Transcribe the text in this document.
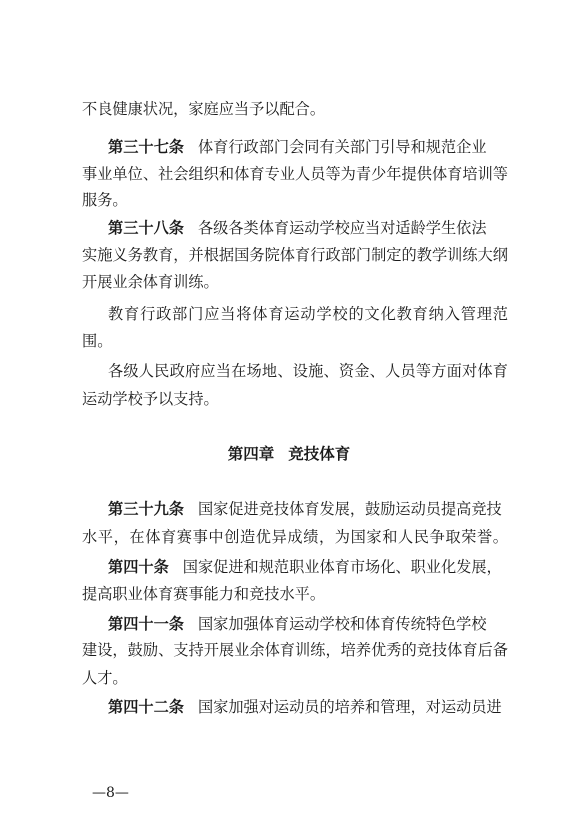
不良健康状况，家庭应当予以配合。
第三十七条 体育行政部门会同有关部门引导和规范企业
事业单位、社会组织和体育专业人员等为青少年提供体育培训等
服务。
第三十八条 各级各类体育运动学校应当对适龄学生依法
实施义务教育，并根据国务院体育行政部门制定的教学训练大纲
开展业余体育训练。
教育行政部门应当将体育运动学校的文化教育纳入管理范
围。
各级人民政府应当在场地、设施、资金、人员等方面对体育
运动学校予以支持。
第四章 竞技体育
第三十九条 国家促进竞技体育发展，鼓励运动员提高竞技
水平，在体育赛事中创造优异成绩，为国家和人民争取荣誉。
第四十条 国家促进和规范职业体育市场化、职业化发展，
提高职业体育赛事能力和竞技水平。
第四十一条 国家加强体育运动学校和体育传统特色学校
建设，鼓励、支持开展业余体育训练，培养优秀的竞技体育后备
人才。
第四十二条 国家加强对运动员的培养和管理，对运动员进
—8—
